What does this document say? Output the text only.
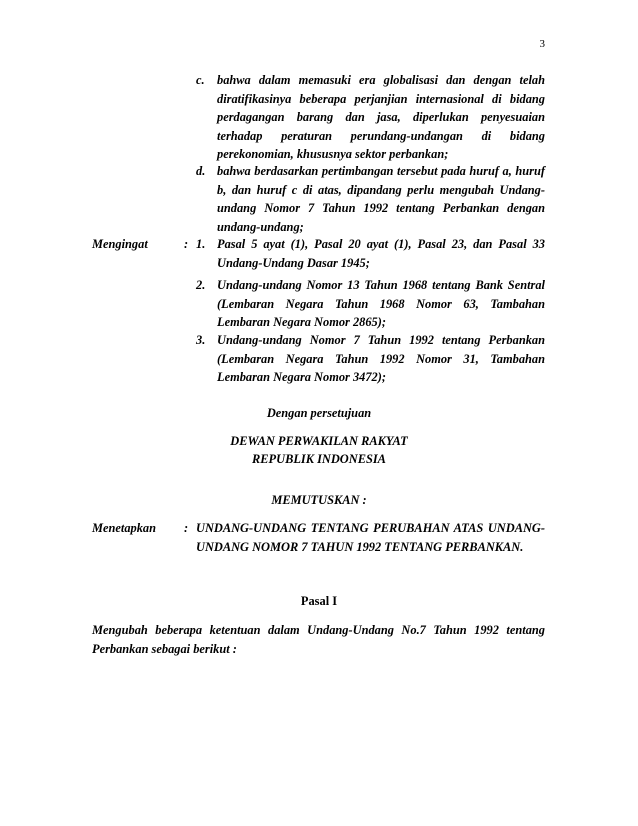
3
c. bahwa dalam memasuki era globalisasi dan dengan telah diratifikasinya beberapa perjanjian internasional di bidang perdagangan barang dan jasa, diperlukan penyesuaian terhadap peraturan perundang-undangan di bidang perekonomian, khususnya sektor perbankan;
d. bahwa berdasarkan pertimbangan tersebut pada huruf a, huruf b, dan huruf c di atas, dipandang perlu mengubah Undang-undang Nomor 7 Tahun 1992 tentang Perbankan dengan undang-undang;
Mengingat	: 1. Pasal 5 ayat (1), Pasal 20 ayat (1), Pasal 23, dan Pasal 33 Undang-Undang Dasar 1945;
2. Undang-undang Nomor 13 Tahun 1968 tentang Bank Sentral (Lembaran Negara Tahun 1968 Nomor 63, Tambahan Lembaran Negara Nomor 2865);
3. Undang-undang Nomor 7 Tahun 1992 tentang Perbankan (Lembaran Negara Tahun 1992 Nomor 31, Tambahan Lembaran Negara Nomor 3472);
Dengan persetujuan
DEWAN PERWAKILAN RAKYAT
REPUBLIK INDONESIA
MEMUTUSKAN :
Menetapkan : UNDANG-UNDANG TENTANG PERUBAHAN ATAS UNDANG-UNDANG NOMOR 7 TAHUN 1992 TENTANG PERBANKAN.
Pasal I
Mengubah beberapa ketentuan dalam Undang-Undang No.7 Tahun 1992 tentang Perbankan sebagai berikut :
